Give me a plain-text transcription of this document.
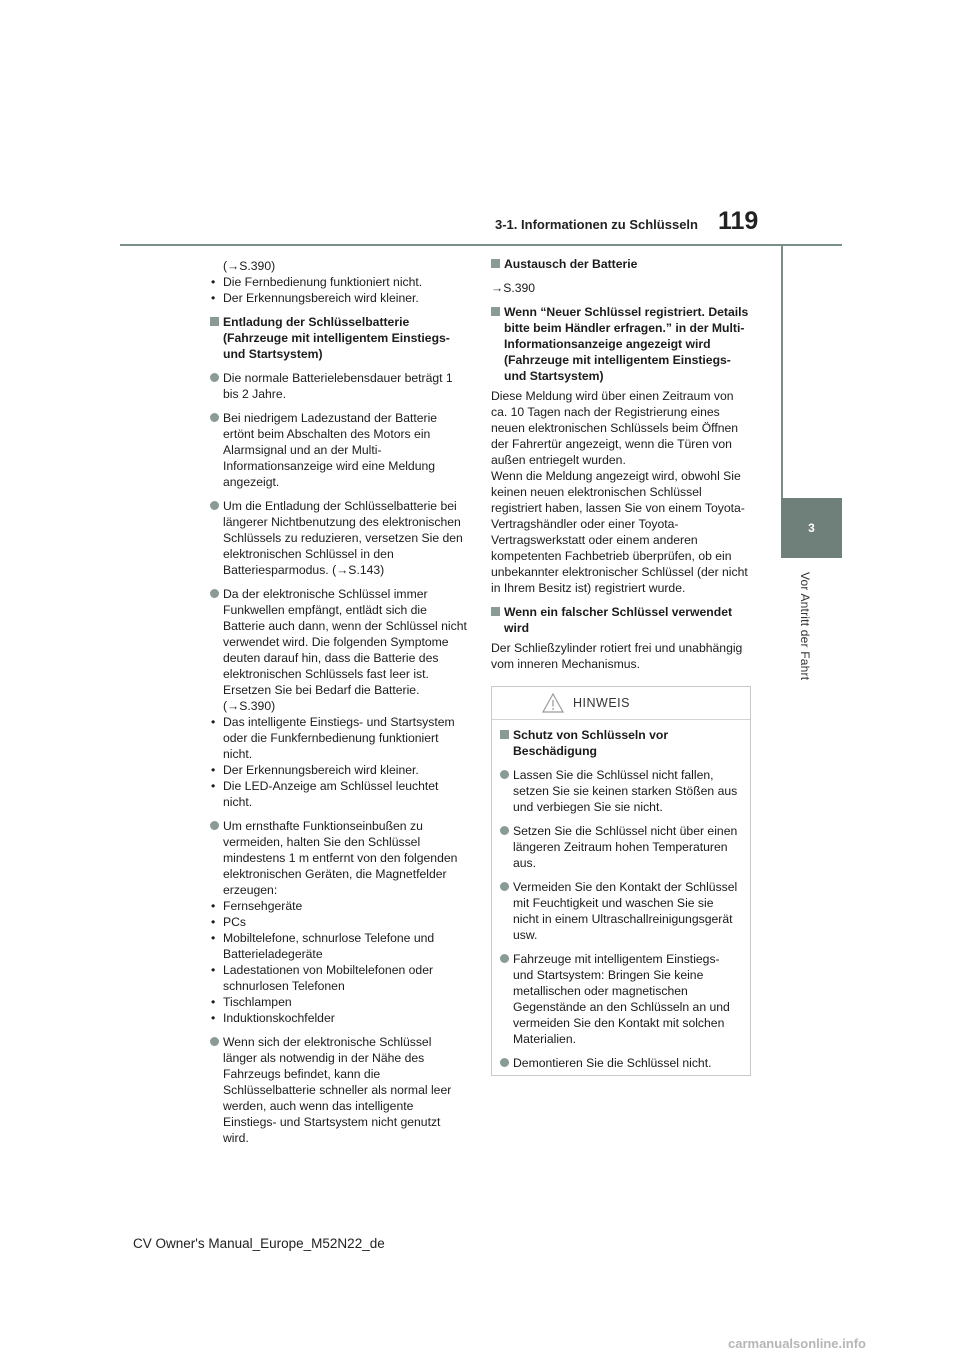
3-1. Informationen zu Schlüsseln 119
3
Vor Antritt der Fahrt

(→S.390)

• Die Fernbedienung funktioniert nicht.
• Der Erkennungsbereich wird kleiner.

Entladung der Schlüsselbatterie (Fahrzeuge mit intelligentem Einstiegs- und Startsystem)

Die normale Batterielebensdauer beträgt 1 bis 2 Jahre.

Bei niedrigem Ladezustand der Batterie ertönt beim Abschalten des Motors ein Alarmsignal und an der Multi-Informationsanzeige wird eine Meldung angezeigt.

Um die Entladung der Schlüsselbatterie bei längerer Nichtbenutzung des elektronischen Schlüssels zu reduzieren, versetzen Sie den elektronischen Schlüssel in den Batteriesparmodus. (→S.143)

Da der elektronische Schlüssel immer Funkwellen empfängt, entlädt sich die Batterie auch dann, wenn der Schlüssel nicht verwendet wird. Die folgenden Symptome deuten darauf hin, dass die Batterie des elektronischen Schlüssels fast leer ist. Ersetzen Sie bei Bedarf die Batterie.

(→S.390)

• Das intelligente Einstiegs- und Startsystem oder die Funkfernbedienung funktioniert nicht.
• Der Erkennungsbereich wird kleiner.
• Die LED-Anzeige am Schlüssel leuchtet nicht.

Um ernsthafte Funktionseinbußen zu vermeiden, halten Sie den Schlüssel mindestens 1 m entfernt von den folgenden elektronischen Geräten, die Magnetfelder erzeugen:

• Fernsehgeräte
• PCs
• Mobiltelefone, schnurlose Telefone und Batterieladegeräte
• Ladestationen von Mobiltelefonen oder schnurlosen Telefonen
• Tischlampen
• Induktionskochfelder

Wenn sich der elektronische Schlüssel länger als notwendig in der Nähe des Fahrzeugs befindet, kann die Schlüsselbatterie schneller als normal leer werden, auch wenn das intelligente Einstiegs- und Startsystem nicht genutzt wird.

Austausch der Batterie

→S.390

Wenn “Neuer Schlüssel registriert. Details bitte beim Händler erfragen.” in der Multi-Informationsanzeige angezeigt wird (Fahrzeuge mit intelligentem Einstiegs- und Startsystem)

Diese Meldung wird über einen Zeitraum von ca. 10 Tagen nach der Registrierung eines neuen elektronischen Schlüssels beim Öffnen der Fahrertür angezeigt, wenn die Türen von außen entriegelt wurden.

Wenn die Meldung angezeigt wird, obwohl Sie keinen neuen elektronischen Schlüssel registriert haben, lassen Sie von einem Toyota-Vertragshändler oder einer Toyota-Vertragswerkstatt oder einem anderen kompetenten Fachbetrieb überprüfen, ob ein unbekannter elektronischer Schlüssel (der nicht in Ihrem Besitz ist) registriert wurde.

Wenn ein falscher Schlüssel verwendet wird

Der Schließzylinder rotiert frei und unabhängig vom inneren Mechanismus.

HINWEIS

Schutz von Schlüsseln vor Beschädigung

Lassen Sie die Schlüssel nicht fallen, setzen Sie sie keinen starken Stößen aus und verbiegen Sie sie nicht.

Setzen Sie die Schlüssel nicht über einen längeren Zeitraum hohen Temperaturen aus.

Vermeiden Sie den Kontakt der Schlüssel mit Feuchtigkeit und waschen Sie sie nicht in einem Ultraschallreinigungsgerät usw.

Fahrzeuge mit intelligentem Einstiegs- und Startsystem: Bringen Sie keine metallischen oder magnetischen Gegenstände an den Schlüsseln an und vermeiden Sie den Kontakt mit solchen Materialien.

Demontieren Sie die Schlüssel nicht.

CV Owner's Manual_Europe_M52N22_de
carmanualsonline.info
